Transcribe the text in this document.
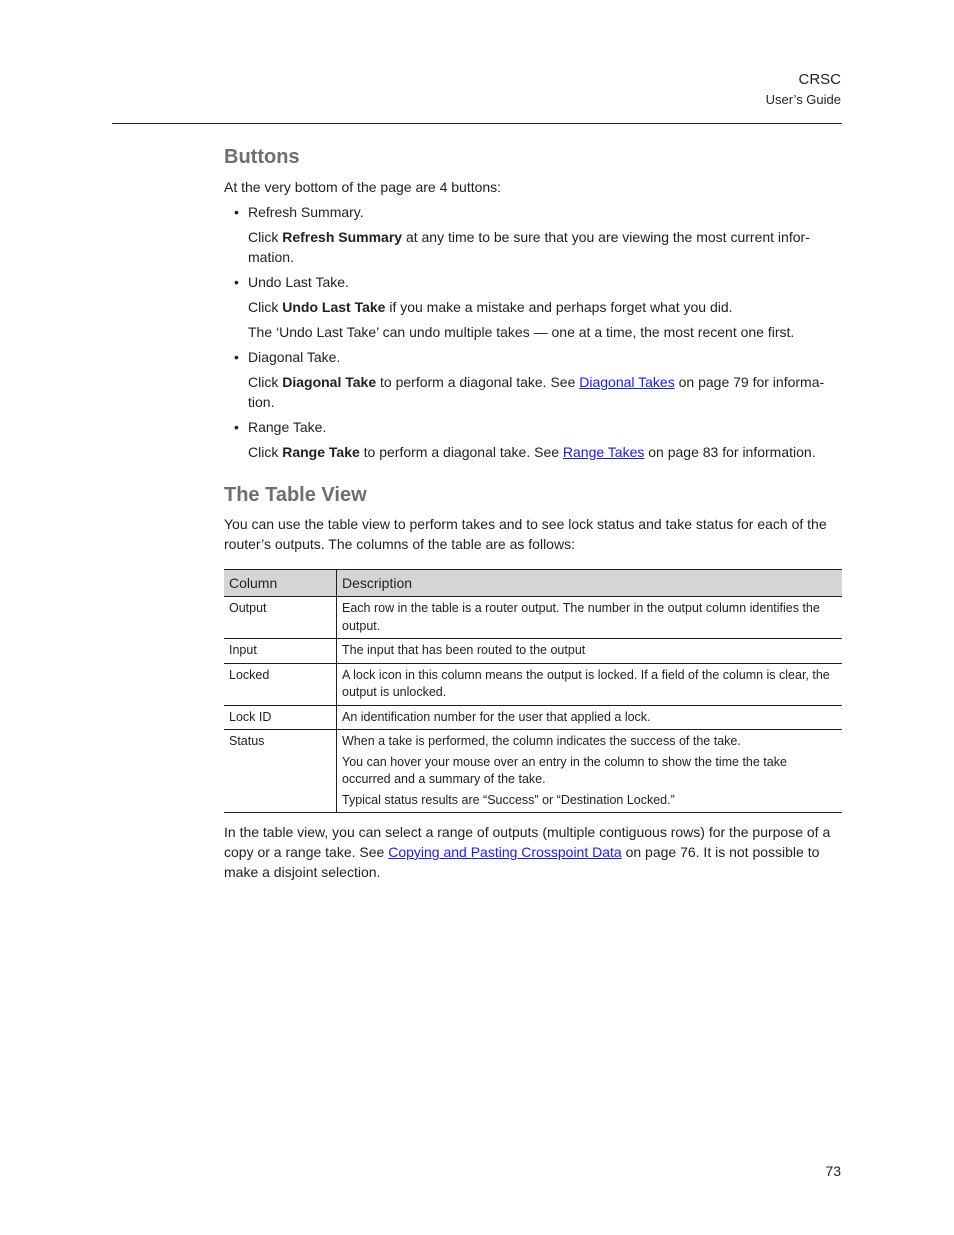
CRSC
User’s Guide
Buttons

At the very bottom of the page are 4 buttons:

• Refresh Summary.

Click Refresh Summary at any time to be sure that you are viewing the most current infor-mation.

• Undo Last Take.

Click Undo Last Take if you make a mistake and perhaps forget what you did.

The ‘Undo Last Take’ can undo multiple takes — one at a time, the most recent one first.

• Diagonal Take.

Click Diagonal Take to perform a diagonal take. See Diagonal Takes on page 79 for informa-tion.

• Range Take.

Click Range Take to perform a diagonal take. See Range Takes on page 83 for information.

The Table View

You can use the table view to perform takes and to see lock status and take status for each of the router’s outputs. The columns of the table are as follows:

Column	Description
Output	Each row in the table is a router output. The number in the output column identifies the output.

Input	The input that has been routed to the output

Locked	A lock icon in this column means the output is locked. If a field of the column is clear, the output is unlocked.

Lock ID	An identification number for the user that applied a lock.

Status	When a take is performed, the column indicates the success of the take.
You can hover your mouse over an entry in the column to show the time the take occurred and a summary of the take.
Typical status results are “Success” or “Destination Locked.”

In the table view, you can select a range of outputs (multiple contiguous rows) for the purpose of a copy or a range take. See Copying and Pasting Crosspoint Data on page 76. It is not possible to make a disjoint selection.

73
